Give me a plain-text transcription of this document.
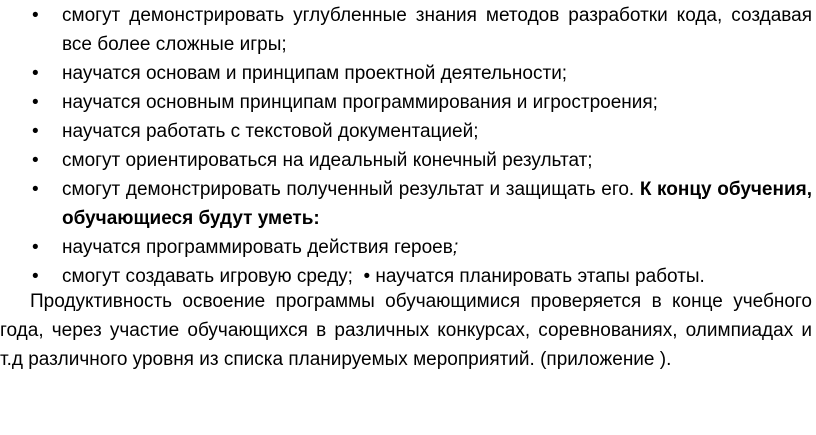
• смогут демонстрировать углубленные знания методов разработки кода, создавая все более сложные игры;
• научатся основам и принципам проектной деятельности;
• научатся основным принципам программирования и игростроения;
• научатся работать с текстовой документацией;
• смогут ориентироваться на идеальный конечный результат;
• смогут демонстрировать полученный результат и защищать его. К концу обучения, обучающиеся будут уметь:
• научатся программировать действия героев;
• смогут создавать игровую среду; • научатся планировать этапы работы.

Продуктивность освоение программы обучающимися проверяется в конце учебного года, через участие обучающихся в различных конкурсах, соревнованиях, олимпиадах и т.д различного уровня из списка планируемых мероприятий. (приложение ).
